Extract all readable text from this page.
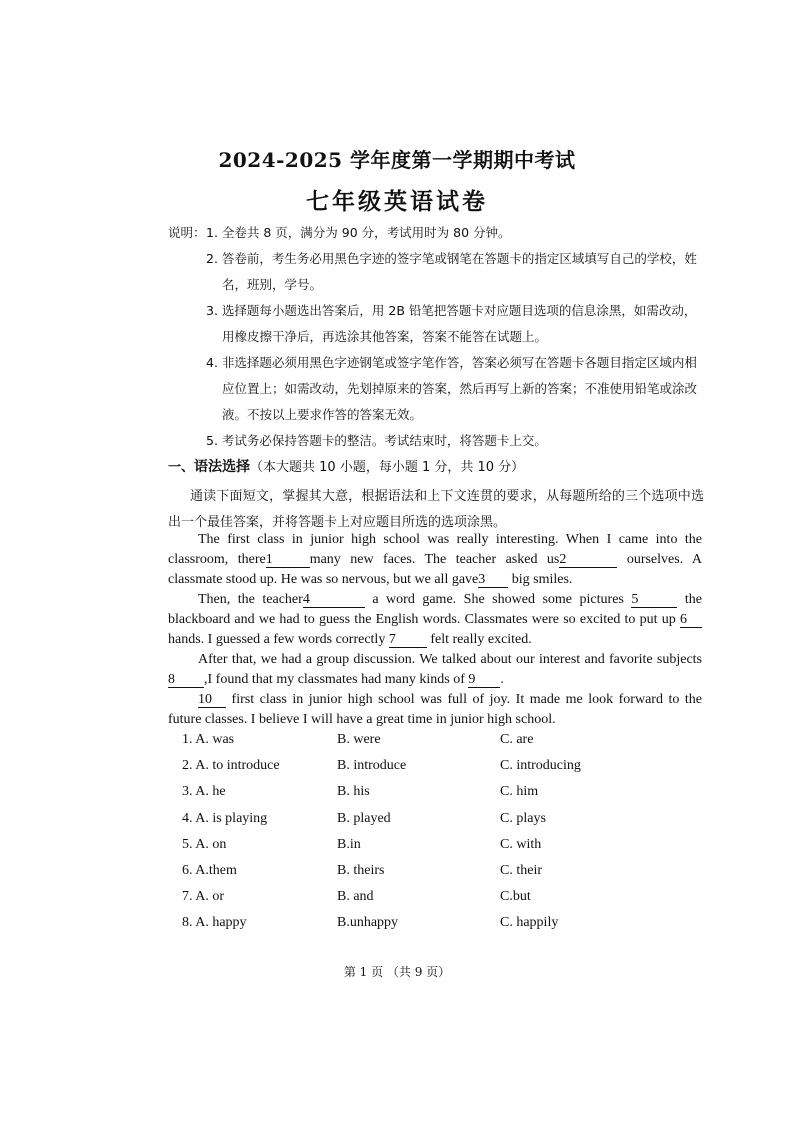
2024-2025 学年度第一学期期中考试
七年级英语试卷
说明： 1. 全卷共 8 页，满分为 90 分，考试用时为 80 分钟。
2. 答卷前，考生务必用黑色字迹的签字笔或钢笔在答题卡的指定区域填写自己的学校，姓
名，班别，学号。
3. 选择题每小题选出答案后，用 2B 铅笔把答题卡对应题目选项的信息涂黑，如需改动，
用橡皮擦干净后，再选涂其他答案，答案不能答在试题上。
4. 非选择题必须用黑色字迹钢笔或签字笔作答，答案必须写在答题卡各题目指定区域内相
应位置上；如需改动，先划掉原来的答案，然后再写上新的答案；不准使用铅笔或涂改
液。不按以上要求作答的答案无效。
5. 考试务必保持答题卡的整洁。考试结束时，将答题卡上交。
一、语法选择（本大题共 10 小题，每小题 1 分，共 10 分）
通读下面短文，掌握其大意，根据语法和上下文连贯的要求，从每题所给的三个选项中选出一个最佳答案，并将答题卡上对应题目所选的选项涂黑。

The first class in junior high school was really interesting. When I came into the classroom, there1	many new faces. The teacher asked us2	ourselves. A classmate stood up. He was so nervous, but we all gave3 big smiles.

Then, the teacher4	a word game. She showed some pictures 5	the blackboard and we had to guess the English words. Classmates were so excited to put up 6 hands. I guessed a few words correctly 7 felt really excited.

After that, we had a group discussion. We talked about our interest and favorite subjects 8 ,I found that my classmates had many kinds of 9 .

10 first class in junior high school was full of joy. It made me look forward to the future classes. I believe I will have a great time in junior high school.

1. A. was	B. were	C. are
2. A. to introduce	B. introduce	C. introducing
3. A. he	B. his	C. him
4. A. is playing	B. played	C. plays
5. A. on	B.in	C. with
6. A.them	B. theirs	C. their
7. A. or	B. and	C.but
8. A. happy	B.unhappy	C. happily
第 1 页 （共 9 页）
